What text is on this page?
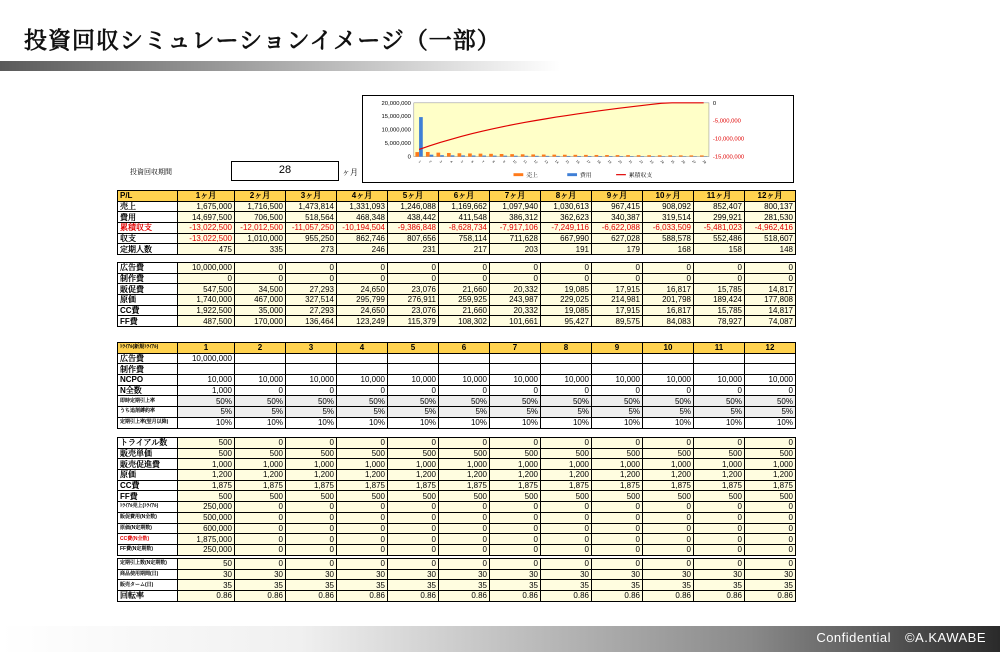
投資回収シミュレーションイメージ（一部）
投資回収期間	28	ヶ月
20,000,000
15,000,000
10,000,000
5,000,000
0
0
-5,000,000
-10,000,000
-15,000,000
1 2 3 4 5 6 7 8 9 10 11 12 13 14 15 16 17 18 19 20 21 22 23 24 25 26 27 28
売上	費用	累積収支
P/L	1ヶ月	2ヶ月	3ヶ月	4ヶ月	5ヶ月	6ヶ月	7ヶ月	8ヶ月	9ヶ月	10ヶ月	11ヶ月	12ヶ月
売上	1,675,000	1,716,500	1,473,814	1,331,093	1,246,088	1,169,662	1,097,940	1,030,613	967,415	908,092	852,407	800,137
費用	14,697,500	706,500	518,564	468,348	438,442	411,548	386,312	362,623	340,387	319,514	299,921	281,530
累積収支	-13,022,500	-12,012,500	-11,057,250	-10,194,504	-9,386,848	-8,628,734	-7,917,106	-7,249,116	-6,622,088	-6,033,509	-5,481,023	-4,962,416
収支	-13,022,500	1,010,000	955,250	862,746	807,656	758,114	711,628	667,990	627,028	588,578	552,486	518,607
定期人数	475	335	273	246	231	217	203	191	179	168	158	148
広告費	10,000,000	0	0	0	0	0	0	0	0	0	0	0
制作費	0	0	0	0	0	0	0	0	0	0	0	0
販促費	547,500	34,500	27,293	24,650	23,076	21,660	20,332	19,085	17,915	16,817	15,785	14,817
原価	1,740,000	467,000	327,514	295,799	276,911	259,925	243,987	229,025	214,981	201,798	189,424	177,808
CC費	1,922,500	35,000	27,293	24,650	23,076	21,660	20,332	19,085	17,915	16,817	15,785	14,817
FF費	487,500	170,000	136,464	123,249	115,379	108,302	101,661	95,427	89,575	84,083	78,927	74,087
ﾄﾗｲｱﾙ(新規ﾄﾗｲｱﾙ)	1	2	3	4	5	6	7	8	9	10	11	12
広告費	10,000,000											
制作費												
NCPO	10,000	10,000	10,000	10,000	10,000	10,000	10,000	10,000	10,000	10,000	10,000	10,000
N全数	1,000	0	0	0	0	0	0	0	0	0	0	0
即時定期引上率	50%	50%	50%	50%	50%	50%	50%	50%	50%	50%	50%	50%
うち追剤縛約率	5%	5%	5%	5%	5%	5%	5%	5%	5%	5%	5%	5%
定期引上率(翌月以降)	10%	10%	10%	10%	10%	10%	10%	10%	10%	10%	10%	10%
トライアル数	500	0	0	0	0	0	0	0	0	0	0	0
販売単価	500	500	500	500	500	500	500	500	500	500	500	500
販売促進費	1,000	1,000	1,000	1,000	1,000	1,000	1,000	1,000	1,000	1,000	1,000	1,000
原価	1,200	1,200	1,200	1,200	1,200	1,200	1,200	1,200	1,200	1,200	1,200	1,200
CC費	1,875	1,875	1,875	1,875	1,875	1,875	1,875	1,875	1,875	1,875	1,875	1,875
FF費	500	500	500	500	500	500	500	500	500	500	500	500
ﾄﾗｲｱﾙ売上(ﾄﾗｲｱﾙ)	250,000	0	0	0	0	0	0	0	0	0	0	0
販促費用(N全数)	500,000	0	0	0	0	0	0	0	0	0	0	0
原価(N定期数)	600,000	0	0	0	0	0	0	0	0	0	0	0
CC費(N全数)	1,875,000	0	0	0	0	0	0	0	0	0	0	0
FF費(N定期数)	250,000	0	0	0	0	0	0	0	0	0	0	0
定期引上数(N定期数)	50	0	0	0	0	0	0	0	0	0	0	0
商品使用期間(日)	30	30	30	30	30	30	30	30	30	30	30	30
販売ターム(日)	35	35	35	35	35	35	35	35	35	35	35	35
回転率	0.86	0.86	0.86	0.86	0.86	0.86	0.86	0.86	0.86	0.86	0.86	0.86
Confidential ©A.KAWABE
